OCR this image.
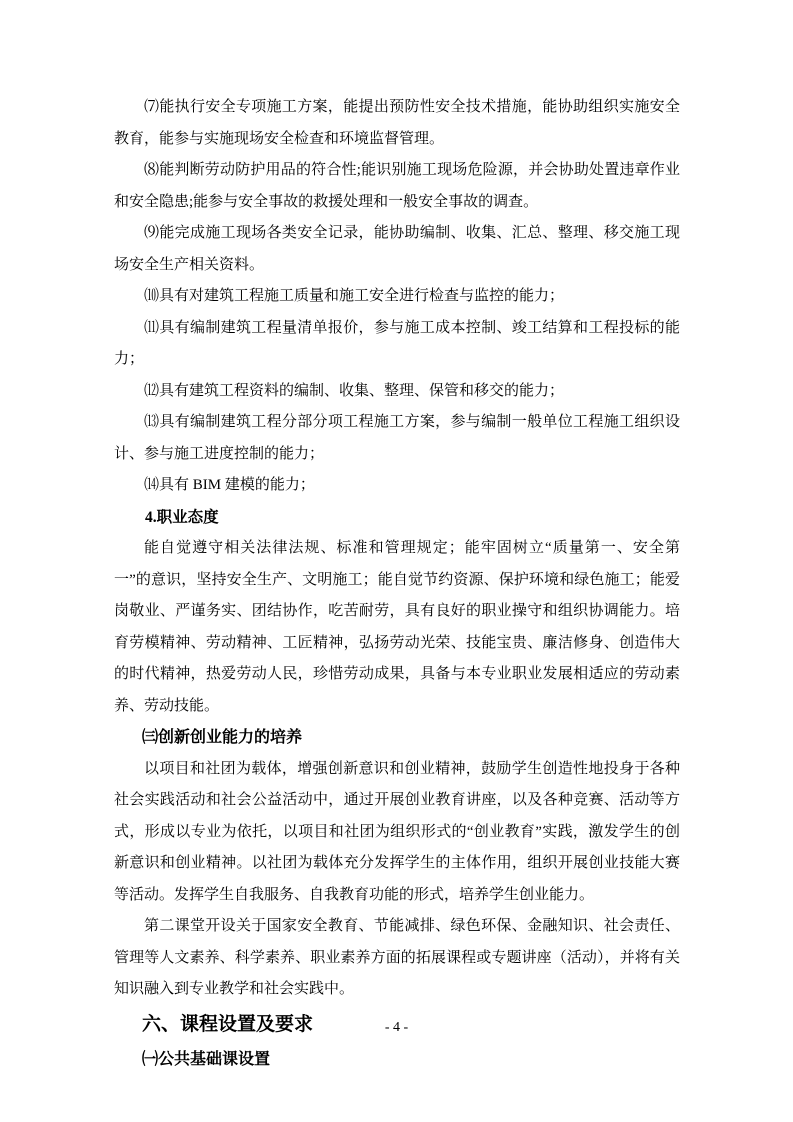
⑺能执行安全专项施工方案，能提出预防性安全技术措施，能协助组织实施安全教育，能参与实施现场安全检查和环境监督管理。

⑻能判断劳动防护用品的符合性;能识别施工现场危险源，并会协助处置违章作业和安全隐患;能参与安全事故的救援处理和一般安全事故的调查。

⑼能完成施工现场各类安全记录，能协助编制、收集、汇总、整理、移交施工现场安全生产相关资料。

⑽具有对建筑工程施工质量和施工安全进行检查与监控的能力；

⑾具有编制建筑工程量清单报价，参与施工成本控制、竣工结算和工程投标的能力；

⑿具有建筑工程资料的编制、收集、整理、保管和移交的能力；

⒀具有编制建筑工程分部分项工程施工方案，参与编制一般单位工程施工组织设计、参与施工进度控制的能力；

⒁具有 BIM 建模的能力；

4.职业态度

能自觉遵守相关法律法规、标准和管理规定；能牢固树立“质量第一、安全第一”的意识，坚持安全生产、文明施工；能自觉节约资源、保护环境和绿色施工；能爱岗敬业、严谨务实、团结协作，吃苦耐劳，具有良好的职业操守和组织协调能力。培育劳模精神、劳动精神、工匠精神，弘扬劳动光荣、技能宝贵、廉洁修身、创造伟大的时代精神，热爱劳动人民，珍惜劳动成果，具备与本专业职业发展相适应的劳动素养、劳动技能。

㈢创新创业能力的培养

以项目和社团为载体，增强创新意识和创业精神，鼓励学生创造性地投身于各种社会实践活动和社会公益活动中，通过开展创业教育讲座，以及各种竞赛、活动等方式，形成以专业为依托，以项目和社团为组织形式的“创业教育”实践，激发学生的创新意识和创业精神。以社团为载体充分发挥学生的主体作用，组织开展创业技能大赛等活动。发挥学生自我服务、自我教育功能的形式，培养学生创业能力。

第二课堂开设关于国家安全教育、节能减排、绿色环保、金融知识、社会责任、管理等人文素养、科学素养、职业素养方面的拓展课程或专题讲座（活动），并将有关知识融入到专业教学和社会实践中。

六、课程设置及要求

㈠公共基础课设置

- 4 -
